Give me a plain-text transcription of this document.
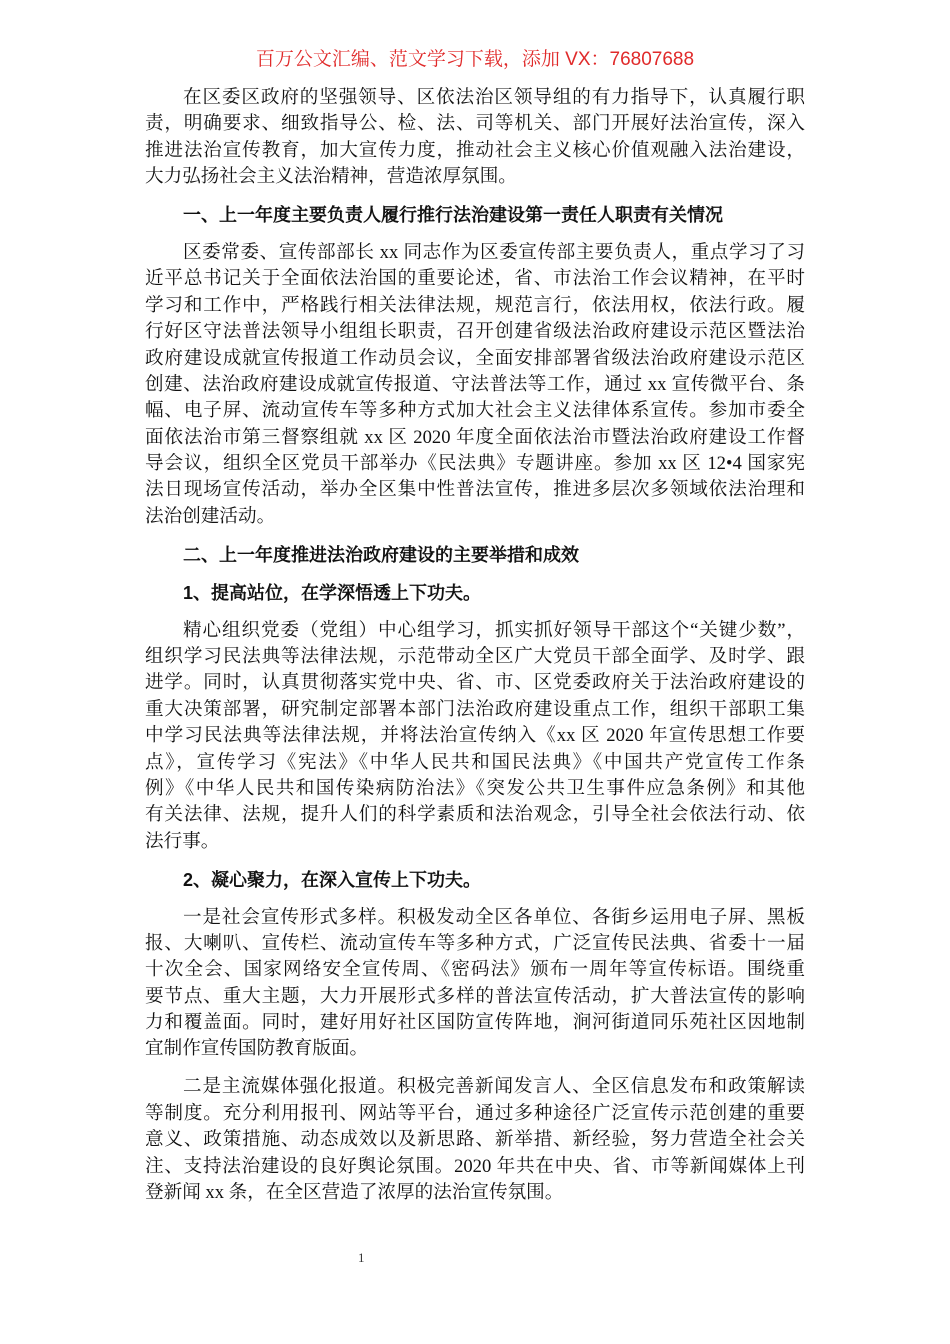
百万公文汇编、范文学习下载，添加 VX：76807688
在区委区政府的坚强领导、区依法治区领导组的有力指导下，认真履行职
责，明确要求、细致指导公、检、法、司等机关、部门开展好法治宣传，深入
推进法治宣传教育，加大宣传力度，推动社会主义核心价值观融入法治建设，
大力弘扬社会主义法治精神，营造浓厚氛围。
一、上一年度主要负责人履行推行法治建设第一责任人职责有关情况
区委常委、宣传部部长 xx 同志作为区委宣传部主要负责人，重点学习了习
近平总书记关于全面依法治国的重要论述，省、市法治工作会议精神，在平时
学习和工作中，严格践行相关法律法规，规范言行，依法用权，依法行政。履
行好区守法普法领导小组组长职责，召开创建省级法治政府建设示范区暨法治
政府建设成就宣传报道工作动员会议，全面安排部署省级法治政府建设示范区
创建、法治政府建设成就宣传报道、守法普法等工作，通过 xx 宣传微平台、条
幅、电子屏、流动宣传车等多种方式加大社会主义法律体系宣传。参加市委全
面依法治市第三督察组就 xx 区 2020 年度全面依法治市暨法治政府建设工作督
导会议，组织全区党员干部举办《民法典》专题讲座。参加 xx 区 12•4 国家宪
法日现场宣传活动，举办全区集中性普法宣传，推进多层次多领域依法治理和
法治创建活动。
二、上一年度推进法治政府建设的主要举措和成效
1、提高站位，在学深悟透上下功夫。
精心组织党委（党组）中心组学习，抓实抓好领导干部这个“关键少数”，
组织学习民法典等法律法规，示范带动全区广大党员干部全面学、及时学、跟
进学。同时，认真贯彻落实党中央、省、市、区党委政府关于法治政府建设的
重大决策部署，研究制定部署本部门法治政府建设重点工作，组织干部职工集
中学习民法典等法律法规，并将法治宣传纳入《xx 区 2020 年宣传思想工作要
点》，宣传学习《宪法》《中华人民共和国民法典》《中国共产党宣传工作条
例》《中华人民共和国传染病防治法》《突发公共卫生事件应急条例》和其他
有关法律、法规，提升人们的科学素质和法治观念，引导全社会依法行动、依
法行事。
2、凝心聚力，在深入宣传上下功夫。
一是社会宣传形式多样。积极发动全区各单位、各街乡运用电子屏、黑板
报、大喇叭、宣传栏、流动宣传车等多种方式，广泛宣传民法典、省委十一届
十次全会、国家网络安全宣传周、《密码法》颁布一周年等宣传标语。围绕重
要节点、重大主题，大力开展形式多样的普法宣传活动，扩大普法宣传的影响
力和覆盖面。同时，建好用好社区国防宣传阵地，涧河街道同乐苑社区因地制
宜制作宣传国防教育版面。
二是主流媒体强化报道。积极完善新闻发言人、全区信息发布和政策解读
等制度。充分利用报刊、网站等平台，通过多种途径广泛宣传示范创建的重要
意义、政策措施、动态成效以及新思路、新举措、新经验，努力营造全社会关
注、支持法治建设的良好舆论氛围。2020 年共在中央、省、市等新闻媒体上刊
登新闻 xx 条，在全区营造了浓厚的法治宣传氛围。
1
